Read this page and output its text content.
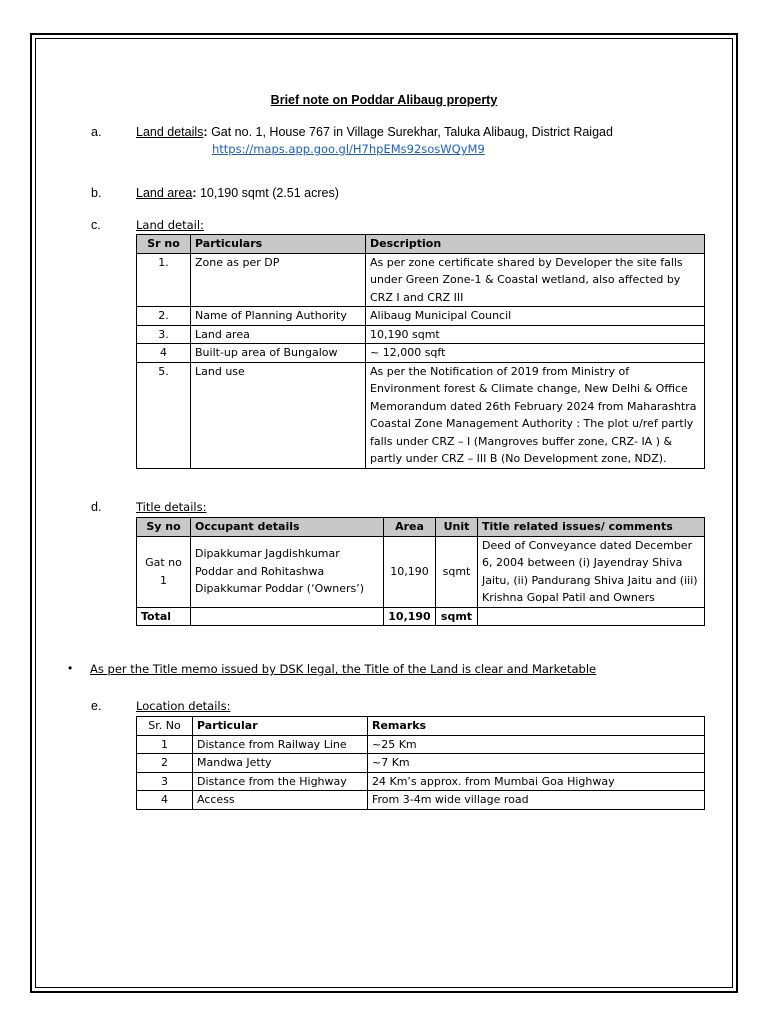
Brief note on Poddar Alibaug property
a.	Land details: Gat no. 1, House 767 in Village Surekhar, Taluka Alibaug, District Raigad
https://maps.app.goo.gl/H7hpEMs92sosWQyM9
b.	Land area: 10,190 sqmt (2.51 acres)
c.	Land detail:
Sr no	Particulars	Description
1.	Zone as per DP	As per zone certificate shared by Developer the site falls under Green Zone-1 & Coastal wetland, also affected by CRZ I and CRZ III
2.	Name of Planning Authority	Alibaug Municipal Council
3.	Land area	10,190 sqmt
4	Built-up area of Bungalow	~ 12,000 sqft
5.	Land use	As per the Notification of 2019 from Ministry of Environment forest & Climate change, New Delhi & Office Memorandum dated 26th February 2024 from Maharashtra Coastal Zone Management Authority : The plot u/ref partly falls under CRZ – I (Mangroves buffer zone, CRZ- IA ) & partly under CRZ – III B (No Development zone, NDZ).
d.	Title details:
Sy no	Occupant details	Area	Unit	Title related issues/ comments
Gat no 1	Dipakkumar Jagdishkumar Poddar and Rohitashwa Dipakkumar Poddar (‘Owners’)	10,190	sqmt	Deed of Conveyance dated December 6, 2004 between (i) Jayendray Shiva Jaitu, (ii) Pandurang Shiva Jaitu and (iii) Krishna Gopal Patil and Owners
Total		10,190	sqmt	
• As per the Title memo issued by DSK legal, the Title of the Land is clear and Marketable
e.	Location details:
Sr. No	Particular	Remarks
1	Distance from Railway Line	~25 Km
2	Mandwa Jetty	~7 Km
3	Distance from the Highway	24 Km’s approx. from Mumbai Goa Highway
4	Access	From 3-4m wide village road
